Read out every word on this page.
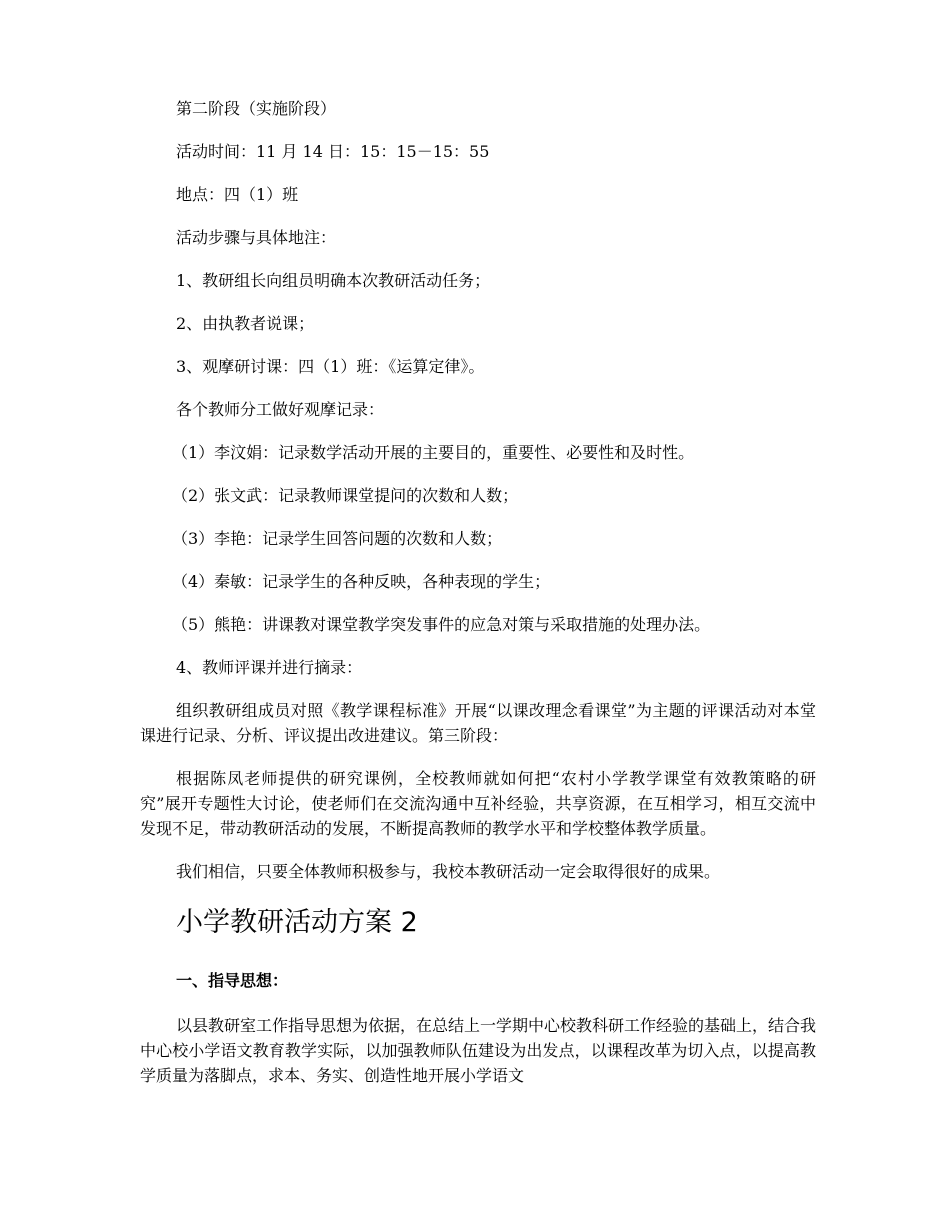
第二阶段（实施阶段）

活动时间：11 月 14 日：15：15－15：55

地点：四（1）班

活动步骤与具体地注：

1、教研组长向组员明确本次教研活动任务；

2、由执教者说课；

3、观摩研讨课：四（1）班：《运算定律》。

各个教师分工做好观摩记录：

（1）李汶娟：记录数学活动开展的主要目的，重要性、必要性和及时性。

（2）张文武：记录教师课堂提问的次数和人数；

（3）李艳：记录学生回答问题的次数和人数；

（4）秦敏：记录学生的各种反映，各种表现的学生；

（5）熊艳：讲课教对课堂教学突发事件的应急对策与采取措施的处理办法。

4、教师评课并进行摘录：

组织教研组成员对照《教学课程标准》开展“以课改理念看课堂”为主题的评课活动对本堂课进行记录、分析、评议提出改进建议。第三阶段：

根据陈凤老师提供的研究课例，全校教师就如何把“农村小学教学课堂有效教策略的研究”展开专题性大讨论，使老师们在交流沟通中互补经验，共享资源，在互相学习，相互交流中发现不足，带动教研活动的发展，不断提高教师的教学水平和学校整体教学质量。

我们相信，只要全体教师积极参与，我校本教研活动一定会取得很好的成果。

小学教研活动方案 2

一、指导思想：

以县教研室工作指导思想为依据，在总结上一学期中心校教科研工作经验的基础上，结合我中心校小学语文教育教学实际，以加强教师队伍建设为出发点，以课程改革为切入点，以提高教学质量为落脚点，求本、务实、创造性地开展小学语文
